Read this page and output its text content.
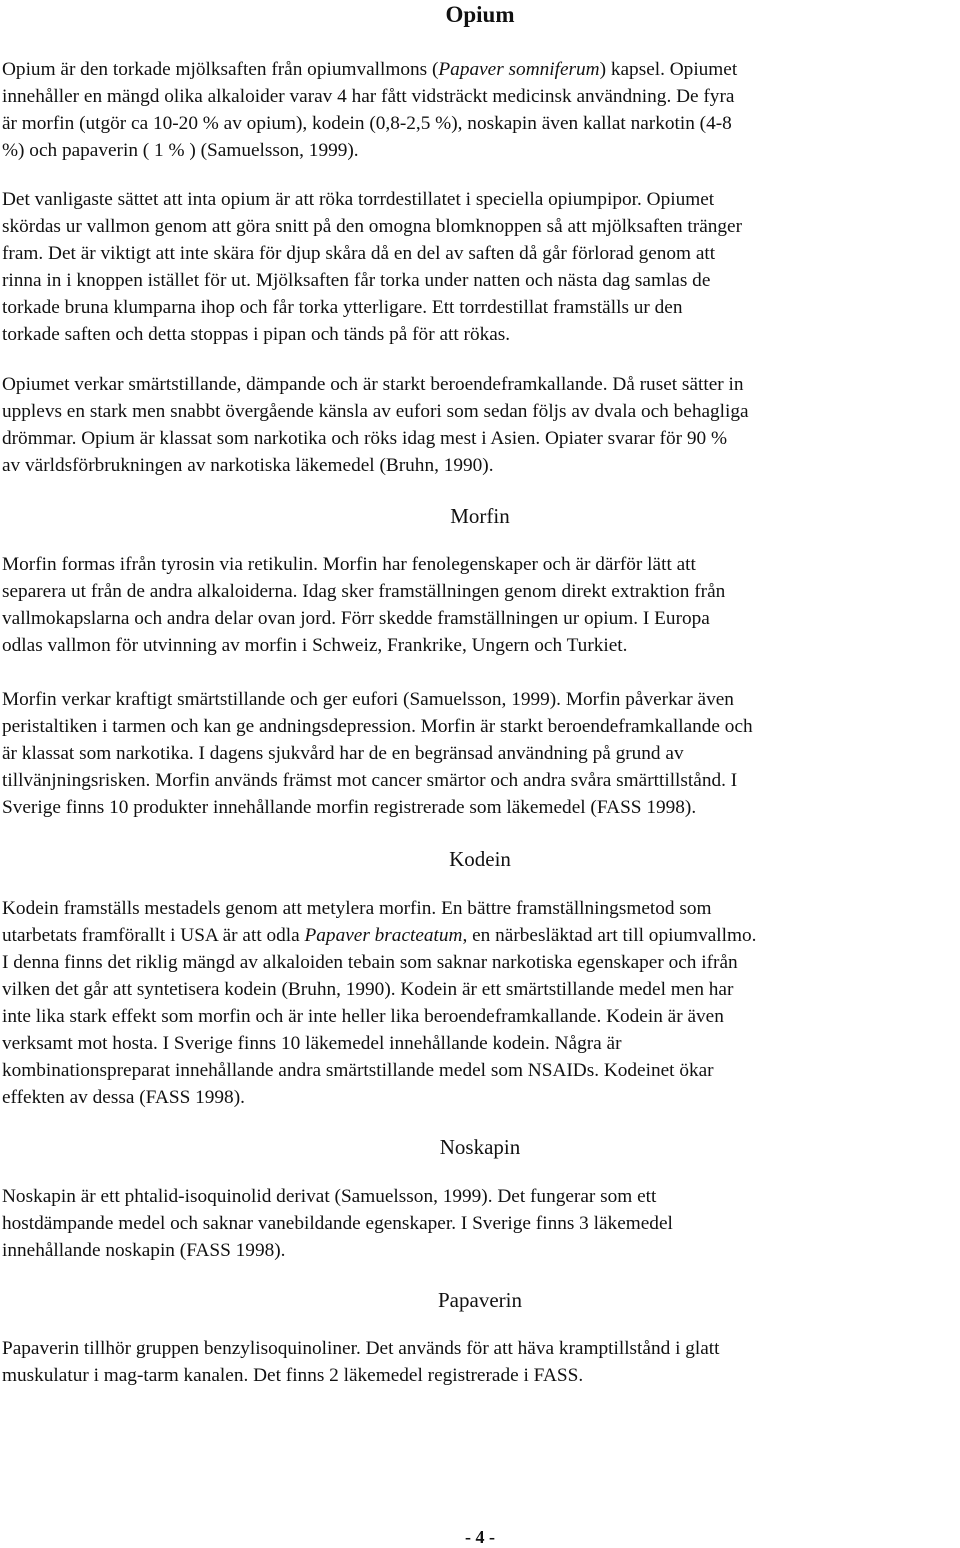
Opium

Opium är den torkade mjölksaften från opiumvallmons (Papaver somniferum) kapsel. Opiumet
innehåller en mängd olika alkaloider varav 4 har fått vidsträckt medicinsk användning. De fyra
är morfin (utgör ca 10-20 % av opium), kodein (0,8-2,5 %), noskapin även kallat narkotin (4-8
%) och papaverin ( 1 % ) (Samuelsson, 1999).

Det vanligaste sättet att inta opium är att röka torrdestillatet i speciella opiumpipor. Opiumet
skördas ur vallmon genom att göra snitt på den omogna blomknoppen så att mjölksaften tränger
fram. Det är viktigt att inte skära för djup skåra då en del av saften då går förlorad genom att
rinna in i knoppen istället för ut. Mjölksaften får torka under natten och nästa dag samlas de
torkade bruna klumparna ihop och får torka ytterligare. Ett torrdestillat framställs ur den
torkade saften och detta stoppas i pipan och tänds på för att rökas.

Opiumet verkar smärtstillande, dämpande och är starkt beroendeframkallande. Då ruset sätter in
upplevs en stark men snabbt övergående känsla av eufori som sedan följs av dvala och behagliga
drömmar. Opium är klassat som narkotika och röks idag mest i Asien. Opiater svarar för 90 %
av världsförbrukningen av narkotiska läkemedel (Bruhn, 1990).

Morfin

Morfin formas ifrån tyrosin via retikulin. Morfin har fenolegenskaper och är därför lätt att
separera ut från de andra alkaloiderna. Idag sker framställningen genom direkt extraktion från
vallmokapslarna och andra delar ovan jord. Förr skedde framställningen ur opium. I Europa
odlas vallmon för utvinning av morfin i Schweiz, Frankrike, Ungern och Turkiet.

Morfin verkar kraftigt smärtstillande och ger eufori (Samuelsson, 1999). Morfin påverkar även
peristaltiken i tarmen och kan ge andningsdepression. Morfin är starkt beroendeframkallande och
är klassat som narkotika. I dagens sjukvård har de en begränsad användning på grund av
tillvänjningsrisken. Morfin används främst mot cancer smärtor och andra svåra smärttillstånd. I
Sverige finns 10 produkter innehållande morfin registrerade som läkemedel (FASS 1998).

Kodein

Kodein framställs mestadels genom att metylera morfin. En bättre framställningsmetod som
utarbetats framförallt i USA är att odla Papaver bracteatum, en närbesläktad art till opiumvallmo.
I denna finns det riklig mängd av alkaloiden tebain som saknar narkotiska egenskaper och ifrån
vilken det går att syntetisera kodein (Bruhn, 1990). Kodein är ett smärtstillande medel men har
inte lika stark effekt som morfin och är inte heller lika beroendeframkallande. Kodein är även
verksamt mot hosta. I Sverige finns 10 läkemedel innehållande kodein. Några är
kombinationspreparat innehållande andra smärtstillande medel som NSAIDs. Kodeinet ökar
effekten av dessa (FASS 1998).

Noskapin

Noskapin är ett phtalid-isoquinolid derivat (Samuelsson, 1999). Det fungerar som ett
hostdämpande medel och saknar vanebildande egenskaper. I Sverige finns 3 läkemedel
innehållande noskapin (FASS 1998).

Papaverin

Papaverin tillhör gruppen benzylisoquinoliner. Det används för att häva kramptillstånd i glatt
muskulatur i mag-tarm kanalen. Det finns 2 läkemedel registrerade i FASS.

- 4 -
